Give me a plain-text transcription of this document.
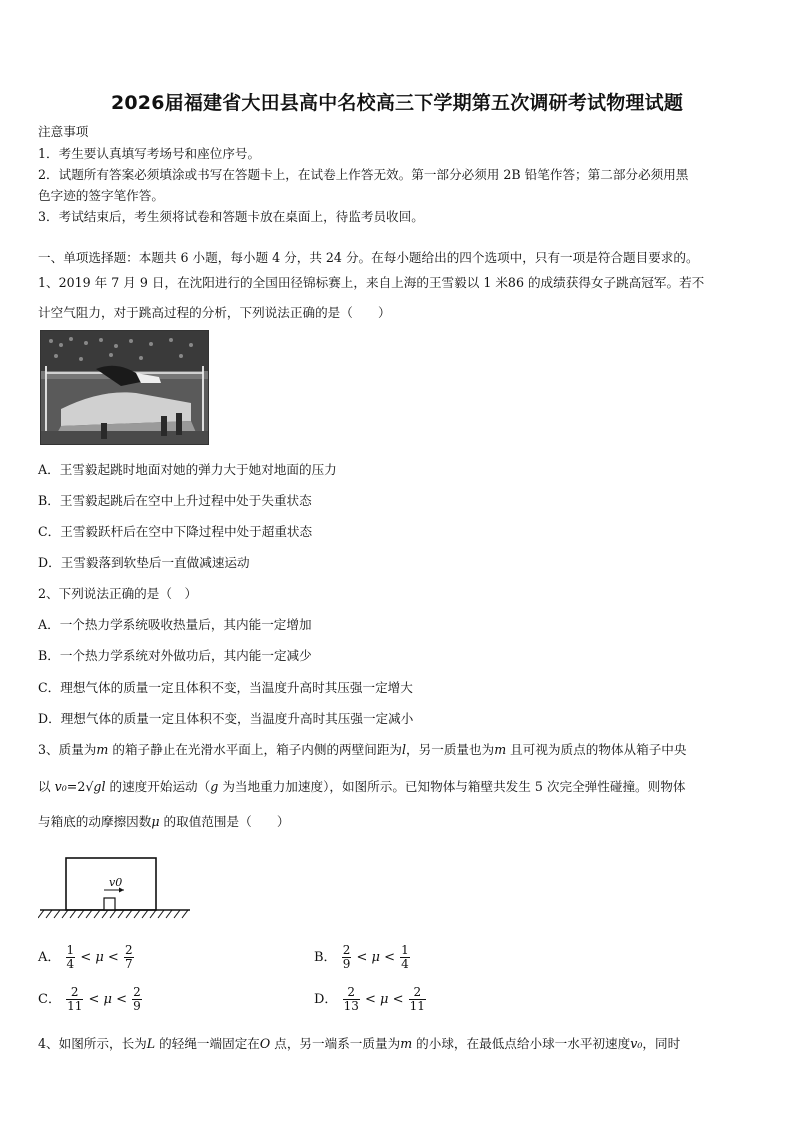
2026届福建省大田县高中名校高三下学期第五次调研考试物理试题
注意事项
1．考生要认真填写考场号和座位序号。
2．试题所有答案必须填涂或书写在答题卡上，在试卷上作答无效。第一部分必须用 2B 铅笔作答；第二部分必须用黑
色字迹的签字笔作答。
3．考试结束后，考生须将试卷和答题卡放在桌面上，待监考员收回。
一、单项选择题：本题共 6 小题，每小题 4 分，共 24 分。在每小题给出的四个选项中，只有一项是符合题目要求的。
1、2019 年 7 月 9 日，在沈阳进行的全国田径锦标赛上，来自上海的王雪毅以 1 米86 的成绩获得女子跳高冠军。若不
计空气阻力，对于跳高过程的分析，下列说法正确的是（　　）
A．王雪毅起跳时地面对她的弹力大于她对地面的压力
B．王雪毅起跳后在空中上升过程中处于失重状态
C．王雪毅跃杆后在空中下降过程中处于超重状态
D．王雪毅落到软垫后一直做减速运动
2、下列说法正确的是（　）
A．一个热力学系统吸收热量后，其内能一定增加
B．一个热力学系统对外做功后，其内能一定减少
C．理想气体的质量一定且体积不变，当温度升高时其压强一定增大
D．理想气体的质量一定且体积不变，当温度升高时其压强一定减小
3、质量为m 的箱子静止在光滑水平面上，箱子内侧的两壁间距为l，另一质量也为m 且可视为质点的物体从箱子中央
以 v₀=2√gl 的速度开始运动（g 为当地重力加速度），如图所示。已知物体与箱壁共发生 5 次完全弹性碰撞。则物体
与箱底的动摩擦因数μ 的取值范围是（　　）
v0
A． $\frac{1}{4} < \mu < \frac{2}{7}$	B． $\frac{2}{9} < \mu < \frac{1}{4}$
C． $\frac{2}{11} < \mu < \frac{2}{9}$	D． $\frac{2}{13} < \mu < \frac{2}{11}$
4、如图所示，长为L 的轻绳一端固定在O 点，另一端系一质量为m 的小球，在最低点给小球一水平初速度v₀，同时
